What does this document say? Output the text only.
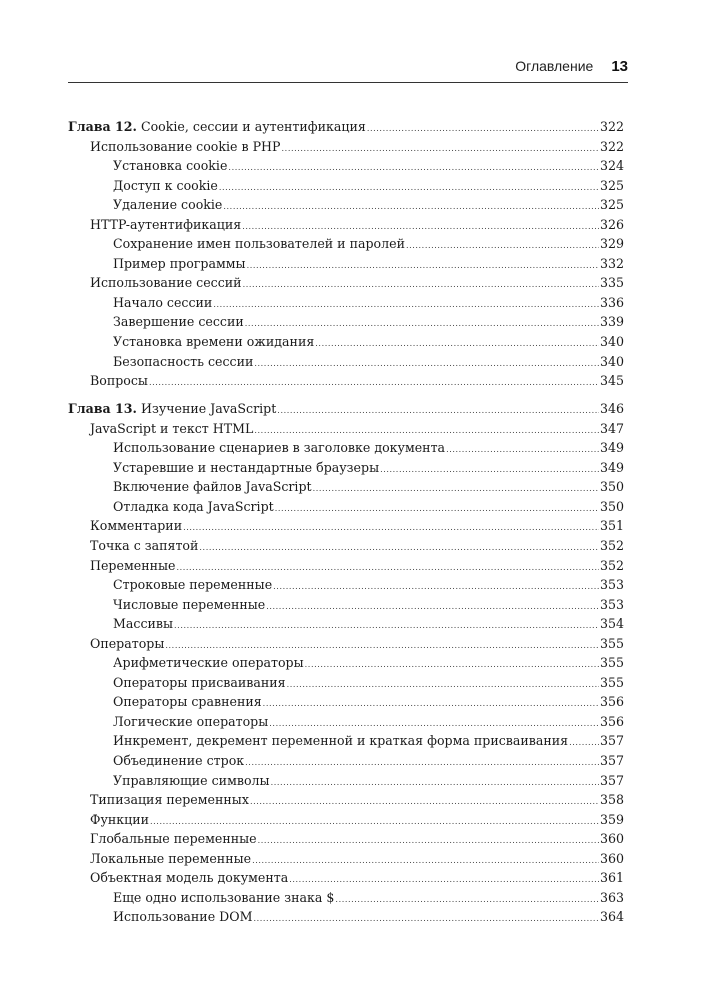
Оглавление 13
Глава 12. Cookie, сессии и аутентификация .....	322
Использование cookie в PHP .....	322
Установка cookie .....	324
Доступ к cookie .....	325
Удаление cookie .....	325
HTTP-аутентификация .....	326
Сохранение имен пользователей и паролей .....	329
Пример программы .....	332
Использование сессий .....	335
Начало сессии .....	336
Завершение сессии .....	339
Установка времени ожидания .....	340
Безопасность сессии .....	340
Вопросы .....	345
Глава 13. Изучение JavaScript .....	346
JavaScript и текст HTML .....	347
Использование сценариев в заголовке документа .....	349
Устаревшие и нестандартные браузеры .....	349
Включение файлов JavaScript .....	350
Отладка кода JavaScript .....	350
Комментарии .....	351
Точка с запятой .....	352
Переменные .....	352
Строковые переменные .....	353
Числовые переменные .....	353
Массивы .....	354
Операторы .....	355
Арифметические операторы .....	355
Операторы присваивания .....	355
Операторы сравнения .....	356
Логические операторы .....	356
Инкремент, декремент переменной и краткая форма присваивания .....	357
Объединение строк .....	357
Управляющие символы .....	357
Типизация переменных .....	358
Функции .....	359
Глобальные переменные .....	360
Локальные переменные .....	360
Объектная модель документа .....	361
Еще одно использование знака $ .....	363
Использование DOM .....	364
